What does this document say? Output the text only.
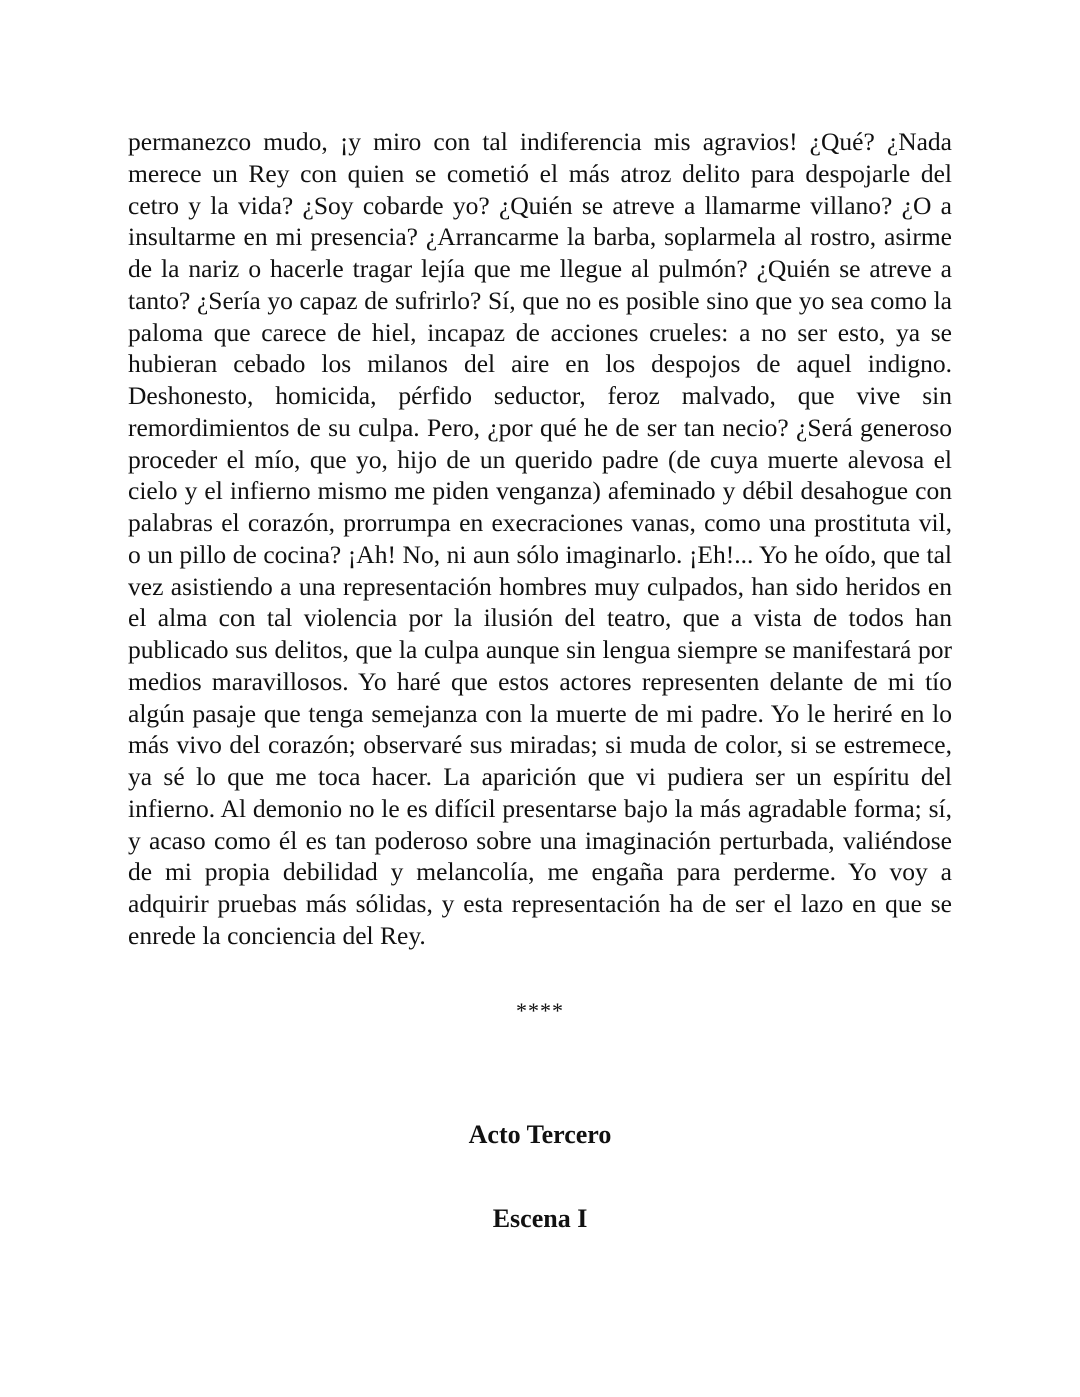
permanezco mudo, ¡y miro con tal indiferencia mis agravios! ¿Qué? ¿Nada merece un Rey con quien se cometió el más atroz delito para despojarle del cetro y la vida? ¿Soy cobarde yo? ¿Quién se atreve a llamarme villano? ¿O a insultarme en mi presencia? ¿Arrancarme la barba, soplarmela al rostro, asirme de la nariz o hacerle tragar lejía que me llegue al pulmón? ¿Quién se atreve a tanto? ¿Sería yo capaz de sufrirlo? Sí, que no es posible sino que yo sea como la paloma que carece de hiel, incapaz de acciones crueles: a no ser esto, ya se hubieran cebado los milanos del aire en los despojos de aquel indigno. Deshonesto, homicida, pérfido seductor, feroz malvado, que vive sin remordimientos de su culpa. Pero, ¿por qué he de ser tan necio? ¿Será generoso proceder el mío, que yo, hijo de un querido padre (de cuya muerte alevosa el cielo y el infierno mismo me piden venganza) afeminado y débil desahogue con palabras el corazón, prorrumpa en execraciones vanas, como una prostituta vil, o un pillo de cocina? ¡Ah! No, ni aun sólo imaginarlo. ¡Eh!... Yo he oído, que tal vez asistiendo a una representación hombres muy culpados, han sido heridos en el alma con tal violencia por la ilusión del teatro, que a vista de todos han publicado sus delitos, que la culpa aunque sin lengua siempre se manifestará por medios maravillosos. Yo haré que estos actores representen delante de mi tío algún pasaje que tenga semejanza con la muerte de mi padre. Yo le heriré en lo más vivo del corazón; observaré sus miradas; si muda de color, si se estremece, ya sé lo que me toca hacer. La aparición que vi pudiera ser un espíritu del infierno. Al demonio no le es difícil presentarse bajo la más agradable forma; sí, y acaso como él es tan poderoso sobre una imaginación perturbada, valiéndose de mi propia debilidad y melancolía, me engaña para perderme. Yo voy a adquirir pruebas más sólidas, y esta representación ha de ser el lazo en que se enrede la conciencia del Rey.

****
Acto Tercero
Escena I
